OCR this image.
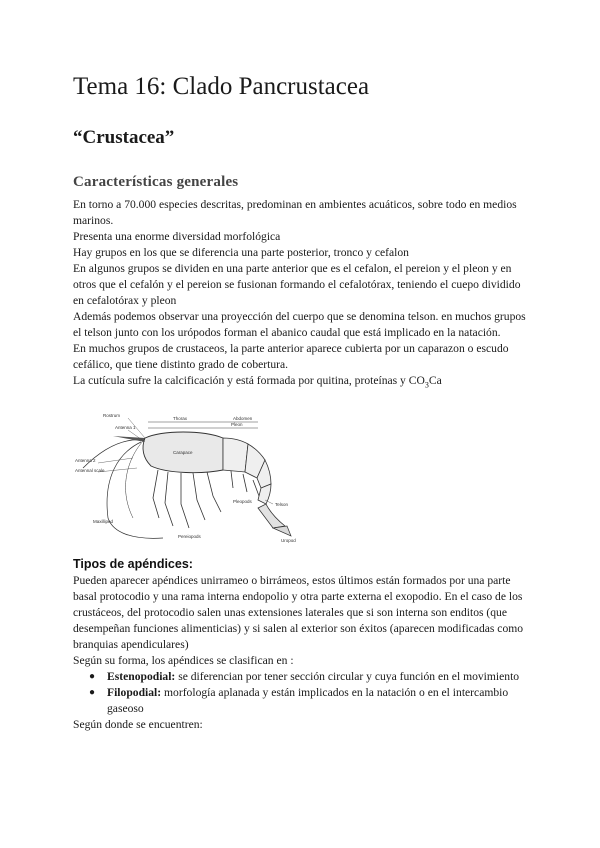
Tema 16: Clado Pancrustacea
“Crustacea”
Características generales

En torno a 70.000 especies descritas, predominan en ambientes acuáticos, sobre todo en medios marinos.

Presenta una enorme diversidad morfológica

Hay grupos en los que se diferencia una parte posterior, tronco y cefalon

En algunos grupos se dividen en una parte anterior que es el cefalon, el pereion y el pleon y en otros que el cefalón y el pereion se fusionan formando el cefalotórax, teniendo el cuepo dividido en cefalotórax y pleon

Además podemos observar una proyección del cuerpo que se denomina telson. en muchos grupos el telson junto con los urópodos forman el abanico caudal que está implicado en la natación.

En muchos grupos de crustaceos, la parte anterior aparece cubierta por un caparazon o escudo cefálico, que tiene distinto grado de cobertura.

La cutícula sufre la calcificación y está formada por quitina, proteínas y $CO_3Ca$

Rostrum
Carapace
Pleon
Telson
Uropod
Pleopods
Pereiopods
Antenna 1
Antenna 2
Antennal scale
Maxilliped
Thorax	Abdomen
Tipos de apéndices:

Pueden aparecer apéndices unirrameo o birrámeos, estos últimos están formados por una parte basal protocodio y una rama interna endopolio y otra parte externa el exopodio. En el caso de los crustáceos, del protocodio salen unas extensiones laterales que si son interna son enditos (que desempeñan funciones alimenticias) y si salen al exterior son éxitos (aparecen modificadas como branquias apendiculares)

Según su forma, los apéndices se clasifican en :

● Estenopodial: se diferencian por tener sección circular y cuya función en el movimiento
● Filopodial: morfología aplanada y están implicados en la natación o en el intercambio gaseoso

Según donde se encuentren:
